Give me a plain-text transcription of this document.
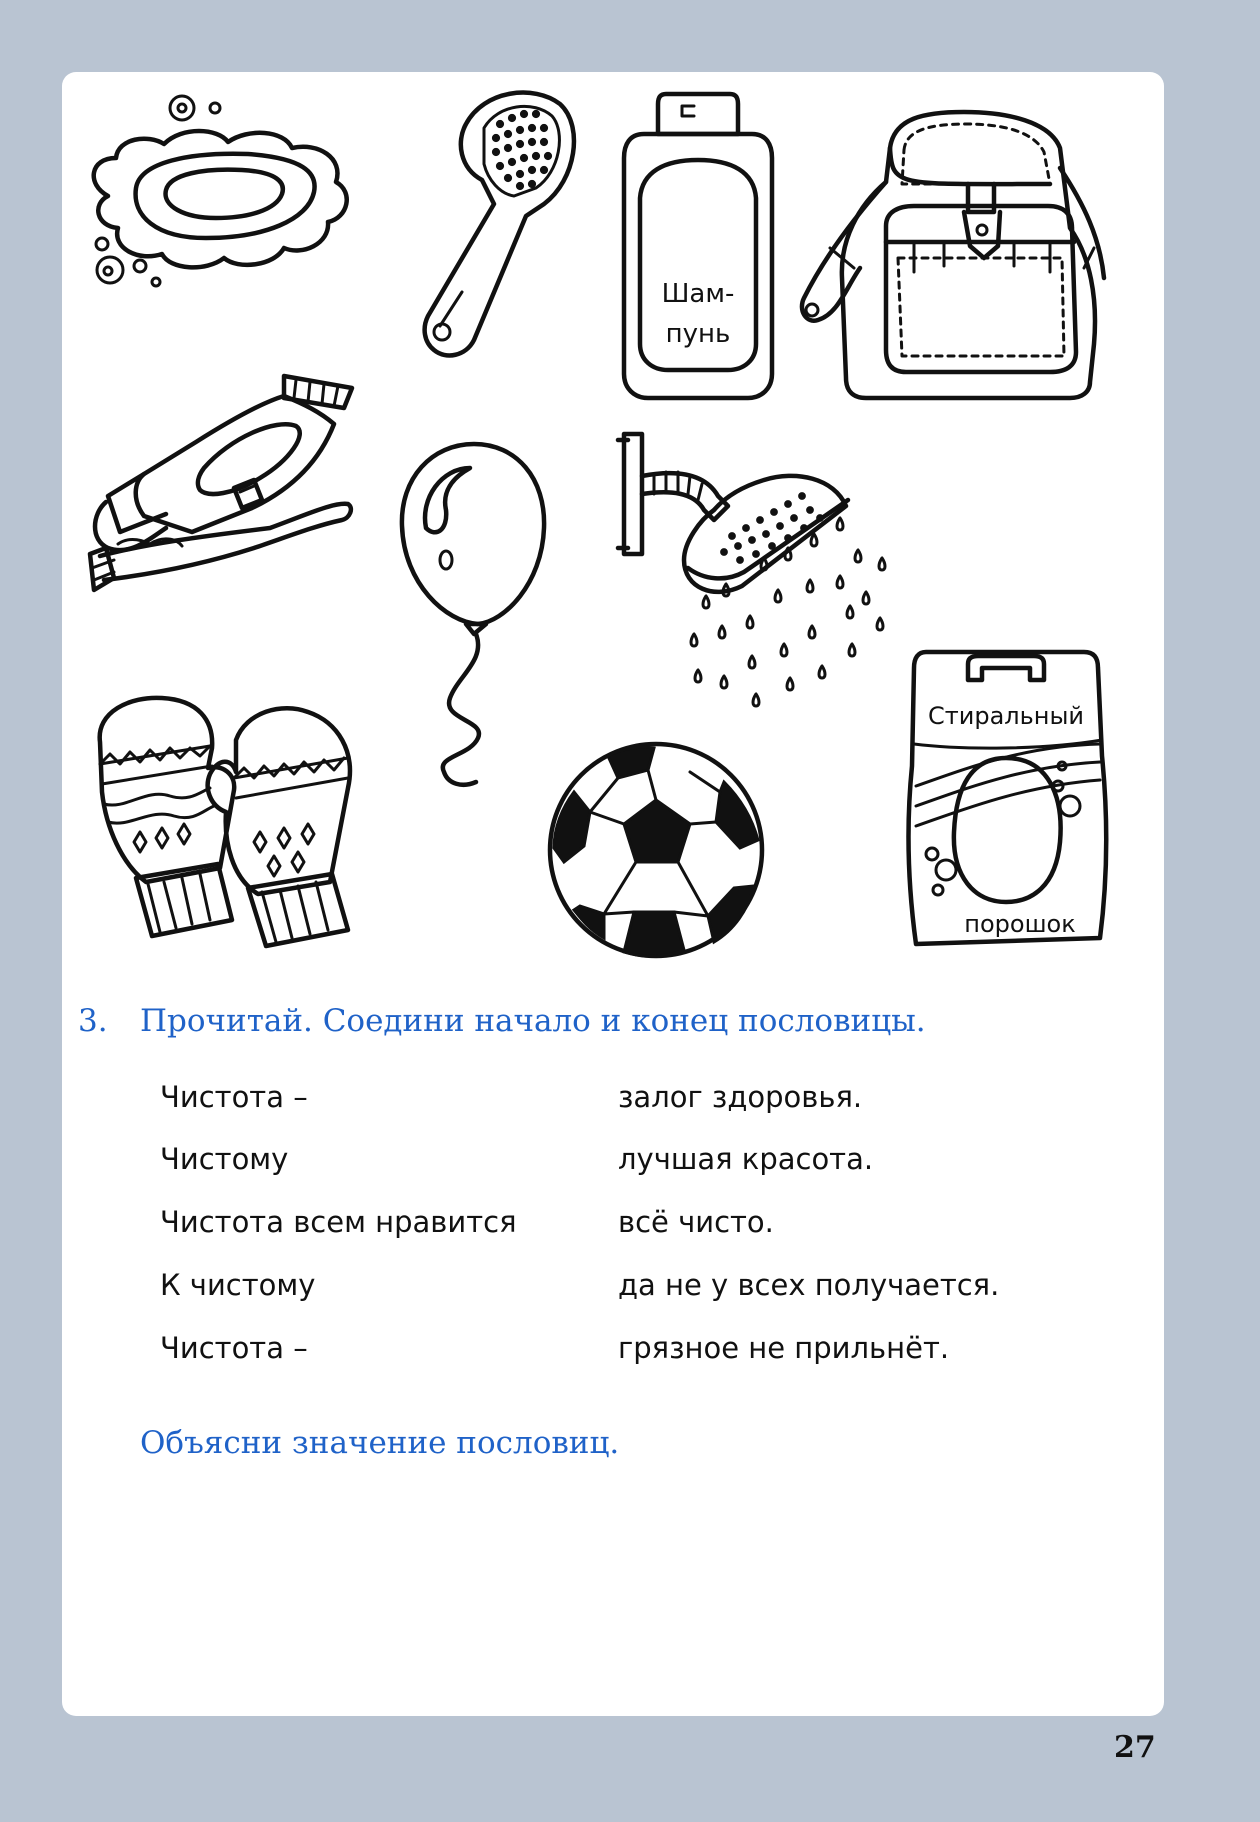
Шам-
пунь
Стиральный
порошок
3. Прочитай. Соедини начало и конец пословицы.
Чистота –
Чистому
Чистота всем нравится
К чистому
Чистота –
залог здоровья.
лучшая красота.
всё чисто.
да не у всех получается.
грязное не прильнёт.
Объясни значение пословиц.
27
